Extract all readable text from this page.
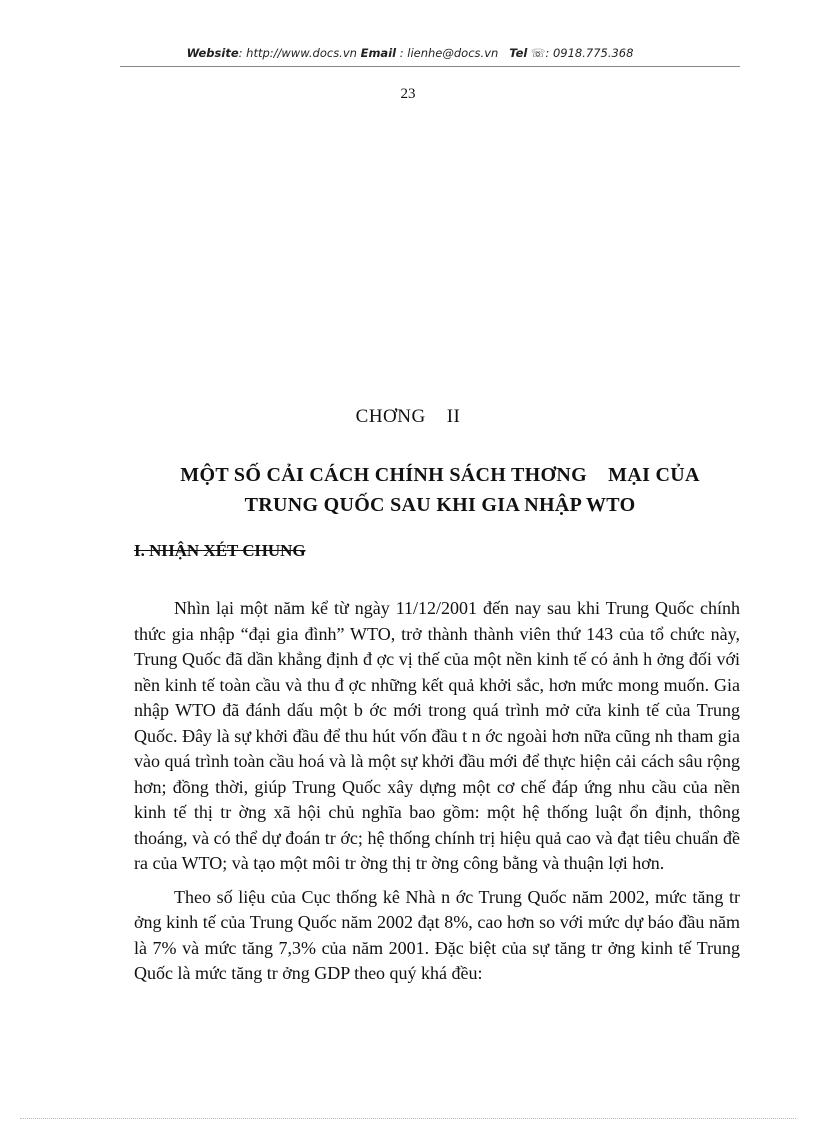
Website: http://www.docs.vn Email : lienhe@docs.vn Tel ☏: 0918.775.368
23
CHƠNG    II
MỘT SỐ CẢI CÁCH CHÍNH SÁCH THƠNG    MẠI CỦA
TRUNG QUỐC SAU KHI GIA NHẬP WTO
I. NHẬN XÉT CHUNG

Nhìn lại một năm kể từ ngày 11/12/2001 đến nay sau khi Trung Quốc chính thức gia nhập “đại gia đình” WTO, trở thành thành viên thứ 143 của tổ chức này, Trung Quốc đã dần khẳng định đ ợc vị thế của một nền kinh tế có ảnh h ởng đối với nền kinh tế toàn cầu và thu đ ợc những kết quả khởi sắc, hơn mức mong muốn. Gia nhập WTO đã đánh dấu một b ớc mới trong quá trình mở cửa kinh tế của Trung Quốc. Đây là sự khởi đầu để thu hút vốn đầu t n ớc ngoài hơn nữa cũng nh tham gia vào quá trình toàn cầu hoá và là một sự khởi đầu mới để thực hiện cải cách sâu rộng hơn; đồng thời, giúp Trung Quốc xây dựng một cơ chế đáp ứng nhu cầu của nền kinh tế thị tr ờng xã hội chủ nghĩa bao gồm: một hệ thống luật ổn định, thông thoáng, và có thể dự đoán tr ớc; hệ thống chính trị hiệu quả cao và đạt tiêu chuẩn đề ra của WTO; và tạo một môi tr ờng thị tr ờng công bằng và thuận lợi hơn.

Theo số liệu của Cục thống kê Nhà n ớc Trung Quốc năm 2002, mức tăng tr ởng kinh tế của Trung Quốc năm 2002 đạt 8%, cao hơn so với mức dự báo đầu năm là 7% và mức tăng 7,3% của năm 2001. Đặc biệt của sự tăng tr ởng kinh tế Trung Quốc là mức tăng tr ởng GDP theo quý khá đều:
